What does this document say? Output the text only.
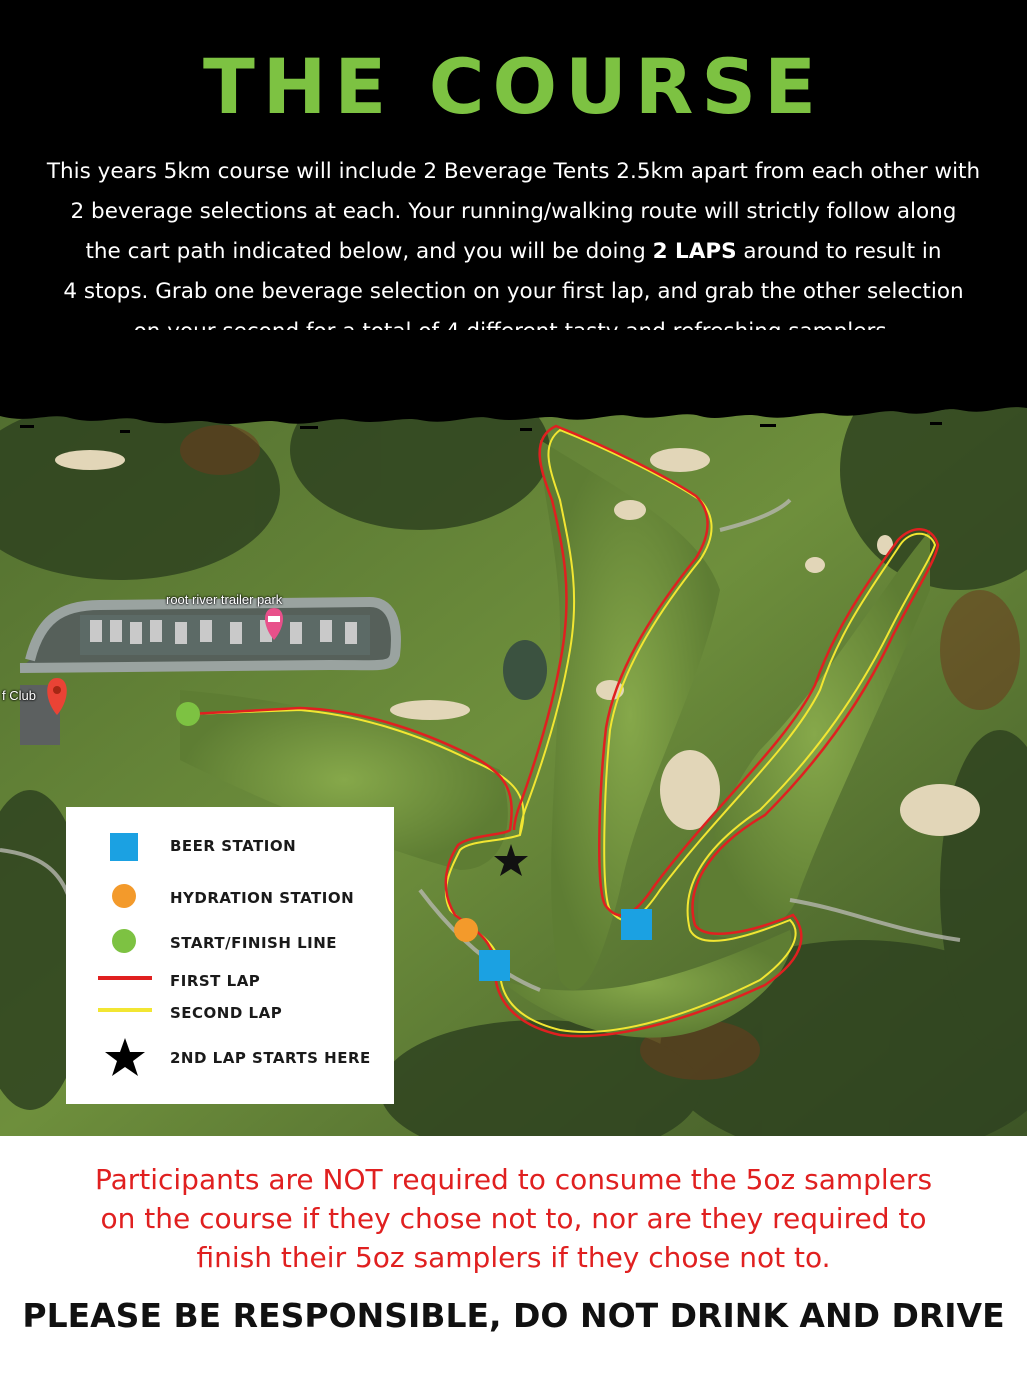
THE COURSE

This years 5km course will include 2 Beverage Tents 2.5km apart from each other with

2 beverage selections at each. Your running/walking route will strictly follow along

the cart path indicated below, and you will be doing 2 LAPS around to result in

4 stops. Grab one beverage selection on your first lap, and grab the other selection

root river trailer park
f Club
BEER STATION
HYDRATION STATION
START/FINISH LINE
FIRST LAP
SECOND LAP
2ND LAP STARTS HERE

Participants are NOT required to consume the 5oz samplers

on the course if they chose not to, nor are they required to

finish their 5oz samplers if they chose not to.

PLEASE BE RESPONSIBLE, DO NOT DRINK AND DRIVE
